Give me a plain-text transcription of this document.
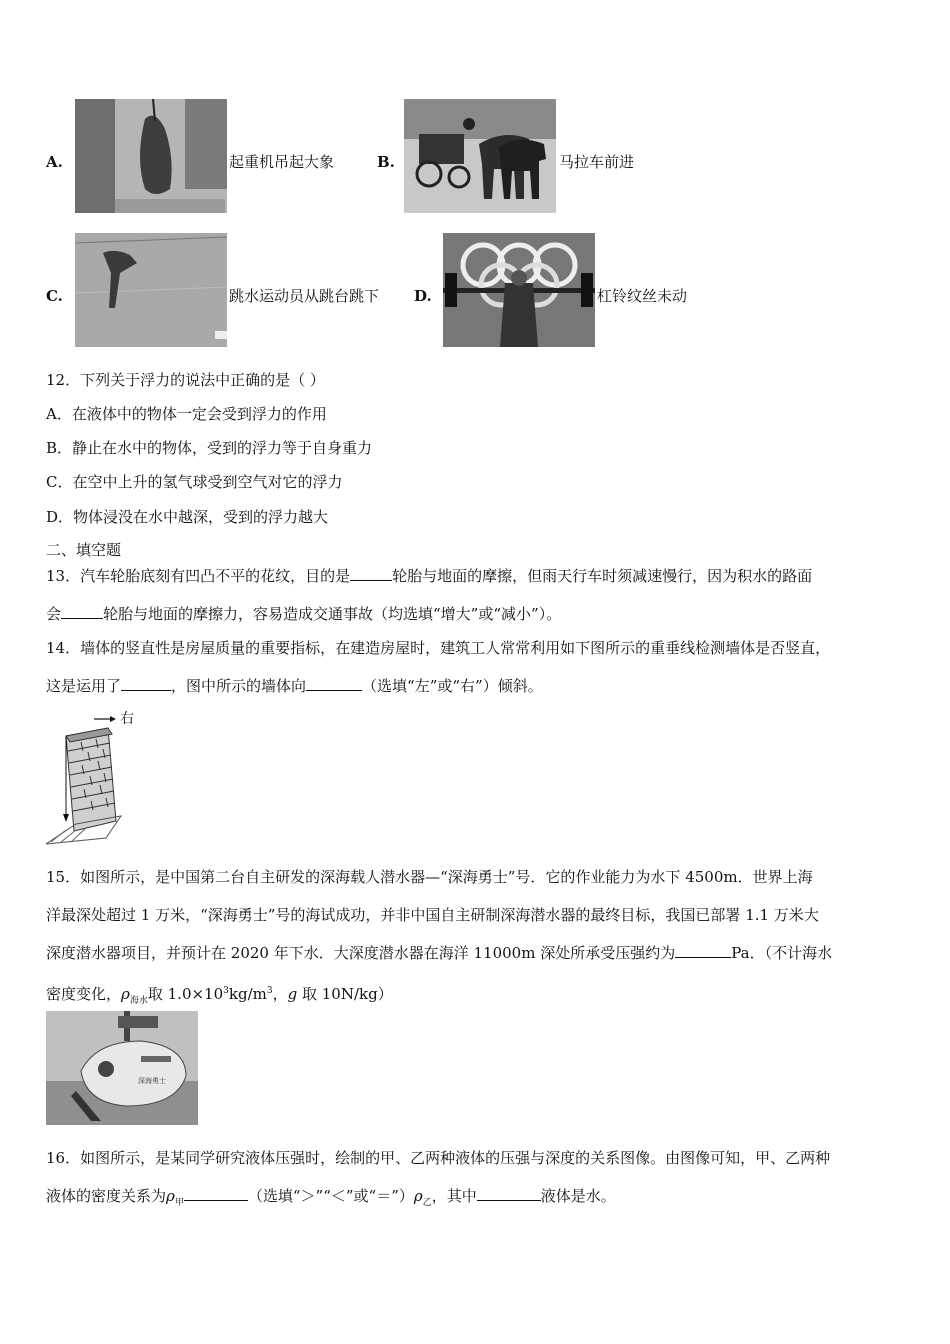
A.	起重机吊起大象	B.	马拉车前进
C.	跳水运动员从跳台跳下 D.	杠铃纹丝未动
12．下列关于浮力的说法中正确的是（ ）
A．在液体中的物体一定会受到浮力的作用
B．静止在水中的物体，受到的浮力等于自身重力
C．在空中上升的氢气球受到空气对它的浮力
D．物体浸没在水中越深，受到的浮力越大
二、填空题
13．汽车轮胎底刻有凹凸不平的花纹，目的是	轮胎与地面的摩擦，但雨天行车时须减速慢行，因为积水的路面
会	轮胎与地面的摩擦力，容易造成交通事故（均选填“增大”或“减小”）。
14．墙体的竖直性是房屋质量的重要指标，在建造房屋时，建筑工人常常利用如下图所示的重垂线检测墙体是否竖直，
这是运用了	，图中所示的墙体向	（选填“左”或“右”）倾斜。
右
15．如图所示，是中国第二台自主研发的深海载人潜水器—“深海勇士”号．它的作业能力为水下 4500m．世界上海
洋最深处超过 1 万米，“深海勇士”号的海试成功，并非中国自主研制深海潜水器的最终目标，我国已部署 1.1 万米大
深度潜水器项目，并预计在 2020 年下水．大深度潜水器在海洋 11000m 深处所承受压强约为	Pa．（不计海水
密度变化，$\rho_{海水}$取 $1.0\times 10^3kg/m^3$，g 取 10N/kg）
深海勇士
16．如图所示，是某同学研究液体压强时，绘制的甲、乙两种液体的压强与深度的关系图像。由图像可知，甲、乙两种
液体的密度关系为$\rho_甲$	（选填“＞”“＜”或“$=”)\rho_乙$，其中	液体是水。
